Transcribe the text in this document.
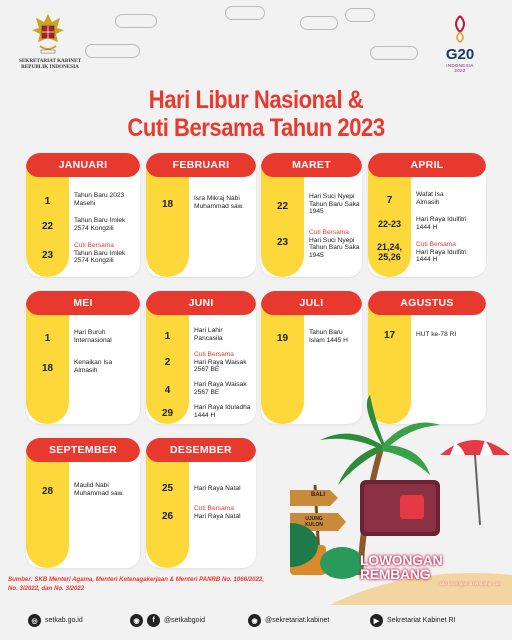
SEKRETARIAT KABINET REPUBLIK INDONESIA
G20
INDONESIA
2022
Hari Libur Nasional &
Cuti Bersama Tahun 2023
JANUARI
1
Tahun Baru 2023 Masehi
22
Tahun Baru Imlek 2574 Kongzili
23
Cuti Bersama
Tahun Baru Imlek 2574 Kongzili
FEBRUARI
18
Isra Mikraj Nabi Muhammad saw.
MARET
22
Hari Suci Nyepi Tahun Baru Saka 1945
23
Cuti Bersama
Hari Suci Nyepi Tahun Baru Saka 1945
APRIL
7
Wafat Isa Almasih
22-23	Hari Raya Idulfitri 1444 H
21,24, 25,26
Cuti Bersama
Hari Raya Idulfitri 1444 H
MEI
1
Hari Buruh Internasional
18
Kenaikan Isa Almasih
JUNI
1
Hari Lahir Pancasila
2
Cuti Bersama
Hari Raya Waisak 2567 BE
4
Hari Raya Waisak 2567 BE
29
Hari Raya Iduladha 1444 H
JULI
19
Tahun Baru Islam 1445 H
AGUSTUS
17	HUT ke-78 RI
SEPTEMBER
28
Maulid Nabi Muhammad saw.
DESEMBER
25	Hari Raya Natal
26
Cuti Bersama
Hari Raya Natal
BALI
UJUNG KULON
LOWONGAN REMBANG
info lowongan di rembang .com
Sumber: SKB Menteri Agama, Menteri Ketenagakerjaan & Menteri PANRB No. 1066/2022, No. 3/2022, dan No. 3/2022
◎	setkab.go.id	◉	f	@setkabgoid	◉	@sekretariat.kabinet	▶	Sekretariat Kabinet RI
